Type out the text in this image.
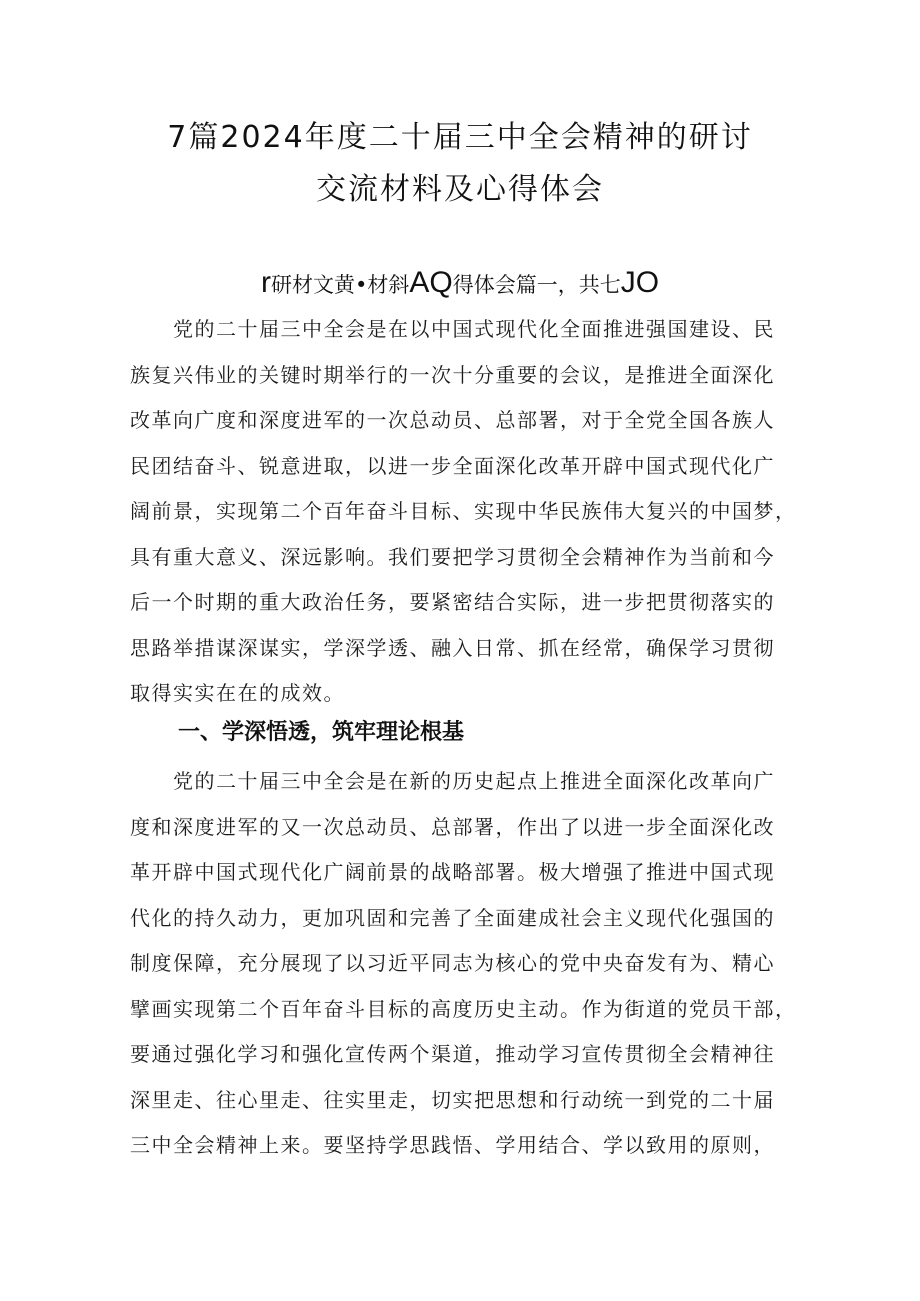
7篇2024年度二十届三中全会精神的研讨
交流材料及心得体会
r研材文黄•材斜AQ得体会篇一，共七JO
　　党的二十届三中全会是在以中国式现代化全面推进强国建设、民
族复兴伟业的关键时期举行的一次十分重要的会议，是推进全面深化
改革向广度和深度进军的一次总动员、总部署，对于全党全国各族人
民团结奋斗、锐意进取，以进一步全面深化改革开辟中国式现代化广
阔前景，实现第二个百年奋斗目标、实现中华民族伟大复兴的中国梦，
具有重大意义、深远影响。我们要把学习贯彻全会精神作为当前和今
后一个时期的重大政治任务，要紧密结合实际，进一步把贯彻落实的
思路举措谋深谋实，学深学透、融入日常、抓在经常，确保学习贯彻
取得实实在在的成效。
一、学深悟透，筑牢理论根基
　　党的二十届三中全会是在新的历史起点上推进全面深化改革向广
度和深度进军的又一次总动员、总部署，作出了以进一步全面深化改
革开辟中国式现代化广阔前景的战略部署。极大增强了推进中国式现
代化的持久动力，更加巩固和完善了全面建成社会主义现代化强国的
制度保障，充分展现了以习近平同志为核心的党中央奋发有为、精心
擘画实现第二个百年奋斗目标的高度历史主动。作为街道的党员干部，
要通过强化学习和强化宣传两个渠道，推动学习宣传贯彻全会精神往
深里走、往心里走、往实里走，切实把思想和行动统一到党的二十届
三中全会精神上来。要坚持学思践悟、学用结合、学以致用的原则，
